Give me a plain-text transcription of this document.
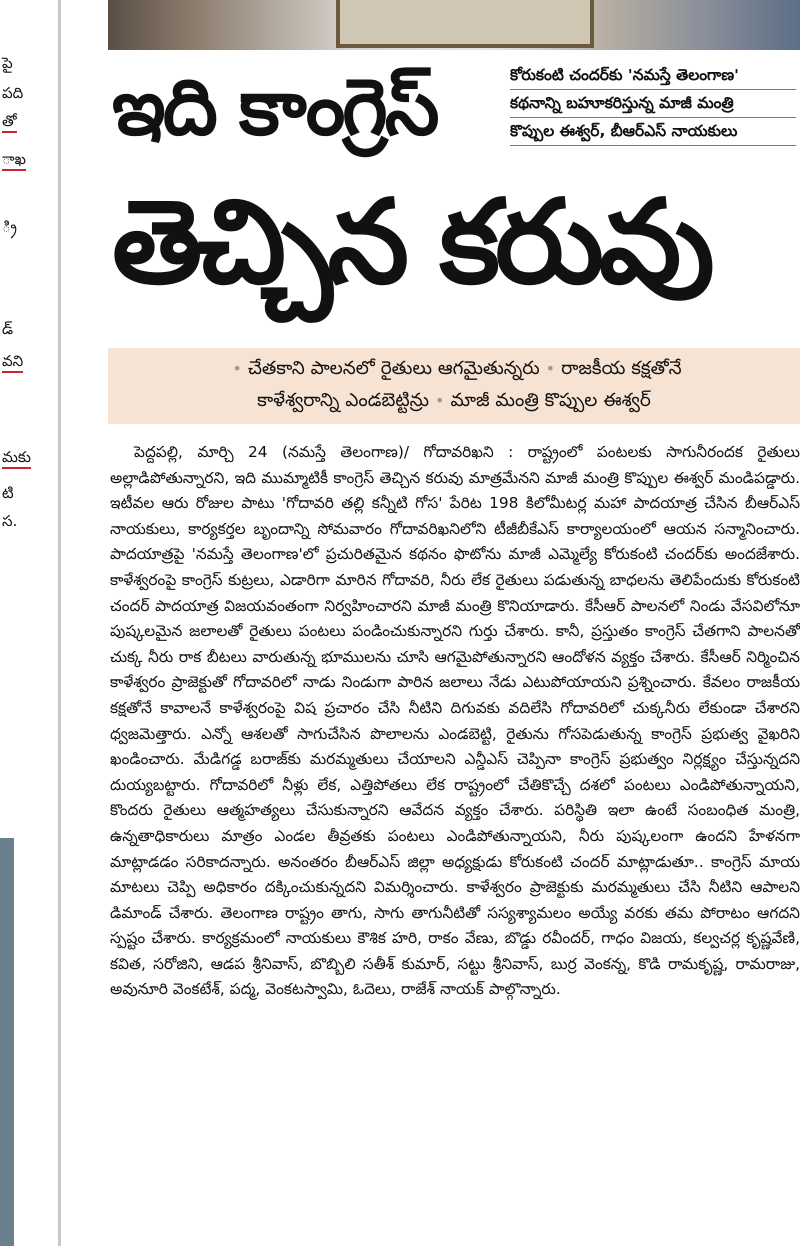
పై
పది
తో
ాఖ
్రి
డ్
వని
మకు
టి
స.
ఇది కాంగ్రెస్
తెచ్చిన కరువు
కోరుకంటి చందర్‌కు 'నమస్తే తెలంగాణ'
కథనాన్ని బహూకరిస్తున్న మాజీ మంత్రి
కొప్పుల ఈశ్వర్‌, బీఆర్‌ఎస్‌ నాయకులు
• చేతకాని పాలనలో రైతులు ఆగమైతున్నరు • రాజకీయ కక్షతోనే
కాళేశ్వరాన్ని ఎండబెట్టిన్రు • మాజీ మంత్రి కొప్పుల ఈశ్వర్‌
పెద్దపల్లి, మార్చి 24 (నమస్తే తెలంగాణ)/ గోదావరిఖని : రాష్ట్రంలో పంటలకు సాగునీరందక రైతులు అల్లాడిపోతున్నారని, ఇది ముమ్మాటికీ కాంగ్రెస్‌ తెచ్చిన కరువు మాత్రమేనని మాజీ మంత్రి కొప్పుల ఈశ్వర్‌ మండిపడ్డారు. ఇటీవల ఆరు రోజుల పాటు 'గోదావరి తల్లి కన్నీటి గోస' పేరిట 198 కిలోమీటర్ల మహా పాదయాత్ర చేసిన బీఆర్‌ఎస్‌ నాయకులు, కార్యకర్తల బృందాన్ని సోమవారం గోదావరిఖనిలోని టీజీబీకేఎస్‌ కార్యాలయంలో ఆయన సన్మానించారు. పాదయాత్రపై 'నమస్తే తెలంగాణ'లో ప్రచురితమైన కథనం ఫొటోను మాజీ ఎమ్మెల్యే కోరుకంటి చందర్‌కు అందజేశారు. కాళేశ్వరంపై కాంగ్రెస్‌ కుట్రలు, ఎడారిగా మారిన గోదావరి, నీరు లేక రైతులు పడుతున్న బాధలను తెలిపేందుకు కోరుకంటి చందర్‌ పాదయాత్ర విజయవంతంగా నిర్వహించారని మాజీ మంత్రి కొనియాడారు. కేసీఆర్‌ పాలనలో నిండు వేసవిలోనూ పుష్కలమైన జలాలతో రైతులు పంటలు పండించుకున్నారని గుర్తు చేశారు. కానీ, ప్రస్తుతం కాంగ్రెస్‌ చేతగాని పాలనతో చుక్క నీరు రాక బీటలు వారుతున్న భూములను చూసి ఆగమైపోతున్నారని ఆందోళన వ్యక్తం చేశారు. కేసీఆర్‌ నిర్మించిన కాళేశ్వరం ప్రాజెక్టుతో గోదావరిలో నాడు నిండుగా పారిన జలాలు నేడు ఎటుపోయాయని ప్రశ్నించారు. కేవలం రాజకీయ కక్షతోనే కావాలనే కాళేశ్వరంపై విష ప్రచారం చేసి నీటిని దిగువకు వదిలేసి గోదావరిలో చుక్కనీరు లేకుండా చేశారని ధ్వజమెత్తారు. ఎన్నో ఆశలతో సాగుచేసిన పొలాలను ఎండబెట్టి, రైతును గోసపెడుతున్న కాంగ్రెస్‌ ప్రభుత్వ వైఖరిని ఖండించారు. మేడిగడ్డ బరాజ్‌కు మరమ్మతులు చేయాలని ఎన్డీఎస్‌ చెప్పినా కాంగ్రెస్‌ ప్రభుత్వం నిర్లక్ష్యం చేస్తున్నదని దుయ్యబట్టారు. గోదావరిలో నీళ్లు లేక, ఎత్తిపోతలు లేక రాష్ట్రంలో చేతికొచ్చే దశలో పంటలు ఎండిపోతున్నాయని, కొందరు రైతులు ఆత్మహత్యలు చేసుకున్నారని ఆవేదన వ్యక్తం చేశారు. పరిస్థితి ఇలా ఉంటే సంబంధిత మంత్రి, ఉన్నతాధికారులు మాత్రం ఎండల తీవ్రతకు పంటలు ఎండిపోతున్నాయని, నీరు పుష్కలంగా ఉందని హేళనగా మాట్లాడడం సరికాదన్నారు. అనంతరం బీఆర్‌ఎస్‌ జిల్లా అధ్యక్షుడు కోరుకంటి చందర్‌ మాట్లాడుతూ.. కాంగ్రెస్‌ మాయ మాటలు చెప్పి అధికారం దక్కించుకున్నదని విమర్శించారు. కాళేశ్వరం ప్రాజెక్టుకు మరమ్మతులు చేసి నీటిని ఆపాలని డిమాండ్‌ చేశారు. తెలంగాణ రాష్ట్రం తాగు, సాగు తాగునీటితో సస్యశ్యామలం అయ్యే వరకు తమ పోరాటం ఆగదని స్పష్టం చేశారు. కార్యక్రమంలో నాయకులు కౌశిక హరి, రాకం వేణు, బొడ్డు రవీందర్‌, గాధం విజయ, కల్వచర్ల కృష్ణవేణి, కవిత, సరోజిని, ఆడప శ్రీనివాస్‌, బొబ్బిలి సతీశ్‌ కుమార్‌, సట్టు శ్రీనివాస్‌, బుర్ర వెంకన్న, కొడి రామకృష్ణ, రామరాజు, అవునూరి వెంకటేశ్‌, పద్మ, వెంకటస్వామి, ఓదెలు, రాజేశ్‌ నాయక్‌ పాల్గొన్నారు.
